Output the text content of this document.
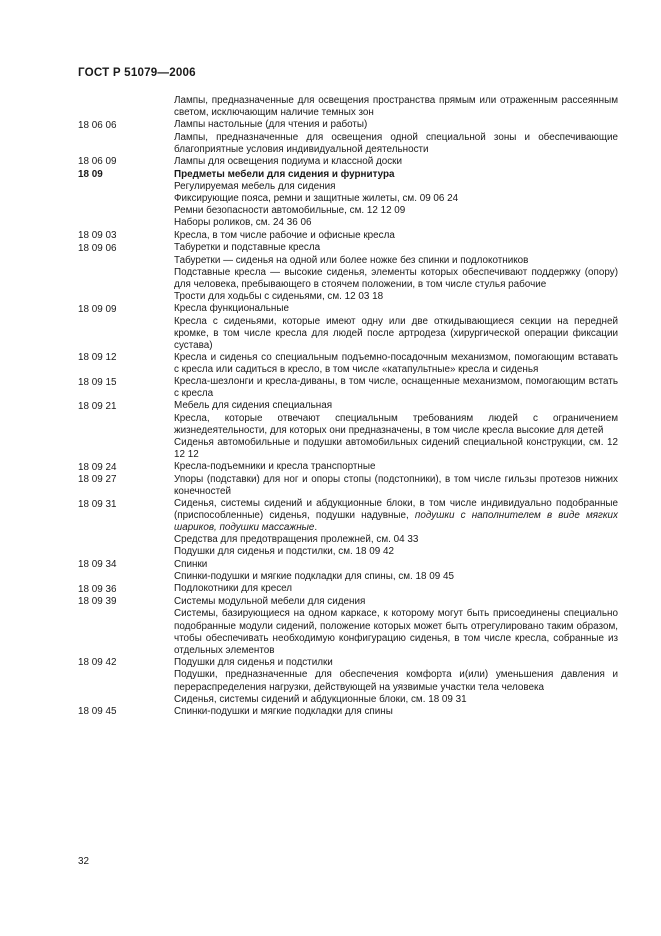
ГОСТ Р 51079—2006
Лампы, предназначенные для освещения пространства прямым или отраженным рассеянным светом, исключающим наличие темных зон
18 06 06	Лампы настольные (для чтения и работы)
Лампы, предназначенные для освещения одной специальной зоны и обеспечивающие благоприятные условия индивидуальной деятельности
18 06 09	Лампы для освещения подиума и классной доски
18 09	Предметы мебели для сидения и фурнитура
Регулируемая мебель для сидения
Фиксирующие пояса, ремни и защитные жилеты, см. 09 06 24
Ремни безопасности автомобильные, см. 12 12 09
Наборы роликов, см. 24 36 06
18 09 03	Кресла, в том числе рабочие и офисные кресла
18 09 06	Табуретки и подставные кресла
Табуретки — сиденья на одной или более ножке без спинки и подлокотников
Подставные кресла — высокие сиденья, элементы которых обеспечивают поддержку (опору) для человека, пребывающего в стоячем положении, в том числе стулья рабочие
Трости для ходьбы с сиденьями, см. 12 03 18
18 09 09	Кресла функциональные
Кресла с сиденьями, которые имеют одну или две откидывающиеся секции на передней кромке, в том числе кресла для людей после артродеза (хирургической операции фиксации сустава)
18 09 12	Кресла и сиденья со специальным подъемно-посадочным механизмом, помогающим вставать с кресла или садиться в кресло, в том числе «катапультные» кресла и сиденья
18 09 15	Кресла-шезлонги и кресла-диваны, в том числе, оснащенные механизмом, помогающим встать с кресла
18 09 21	Мебель для сидения специальная
Кресла, которые отвечают специальным требованиям людей с ограничением жизнедеятельности, для которых они предназначены, в том числе кресла высокие для детей
Сиденья автомобильные и подушки автомобильных сидений специальной конструкции, см. 12 12 12
18 09 24	Кресла-подъемники и кресла транспортные
18 09 27	Упоры (подставки) для ног и опоры стопы (подстопники), в том числе гильзы протезов нижних конечностей
18 09 31	Сиденья, системы сидений и абдукционные блоки, в том числе индивидуально подобранные (приспособленные) сиденья, подушки надувные, подушки с наполнителем в виде мягких шариков, подушки массажные.
Средства для предотвращения пролежней, см. 04 33
Подушки для сиденья и подстилки, см. 18 09 42
18 09 34	Спинки
Спинки-подушки и мягкие подкладки для спины, см. 18 09 45
18 09 36	Подлокотники для кресел
18 09 39	Системы модульной мебели для сидения
Системы, базирующиеся на одном каркасе, к которому могут быть присоединены специально подобранные модули сидений, положение которых может быть отрегулировано таким образом, чтобы обеспечивать необходимую конфигурацию сиденья, в том числе кресла, собранные из отдельных элементов
18 09 42	Подушки для сиденья и подстилки
Подушки, предназначенные для обеспечения комфорта и(или) уменьшения давления и перераспределения нагрузки, действующей на уязвимые участки тела человека
Сиденья, системы сидений и абдукционные блоки, см. 18 09 31
18 09 45	Спинки-подушки и мягкие подкладки для спины
32
